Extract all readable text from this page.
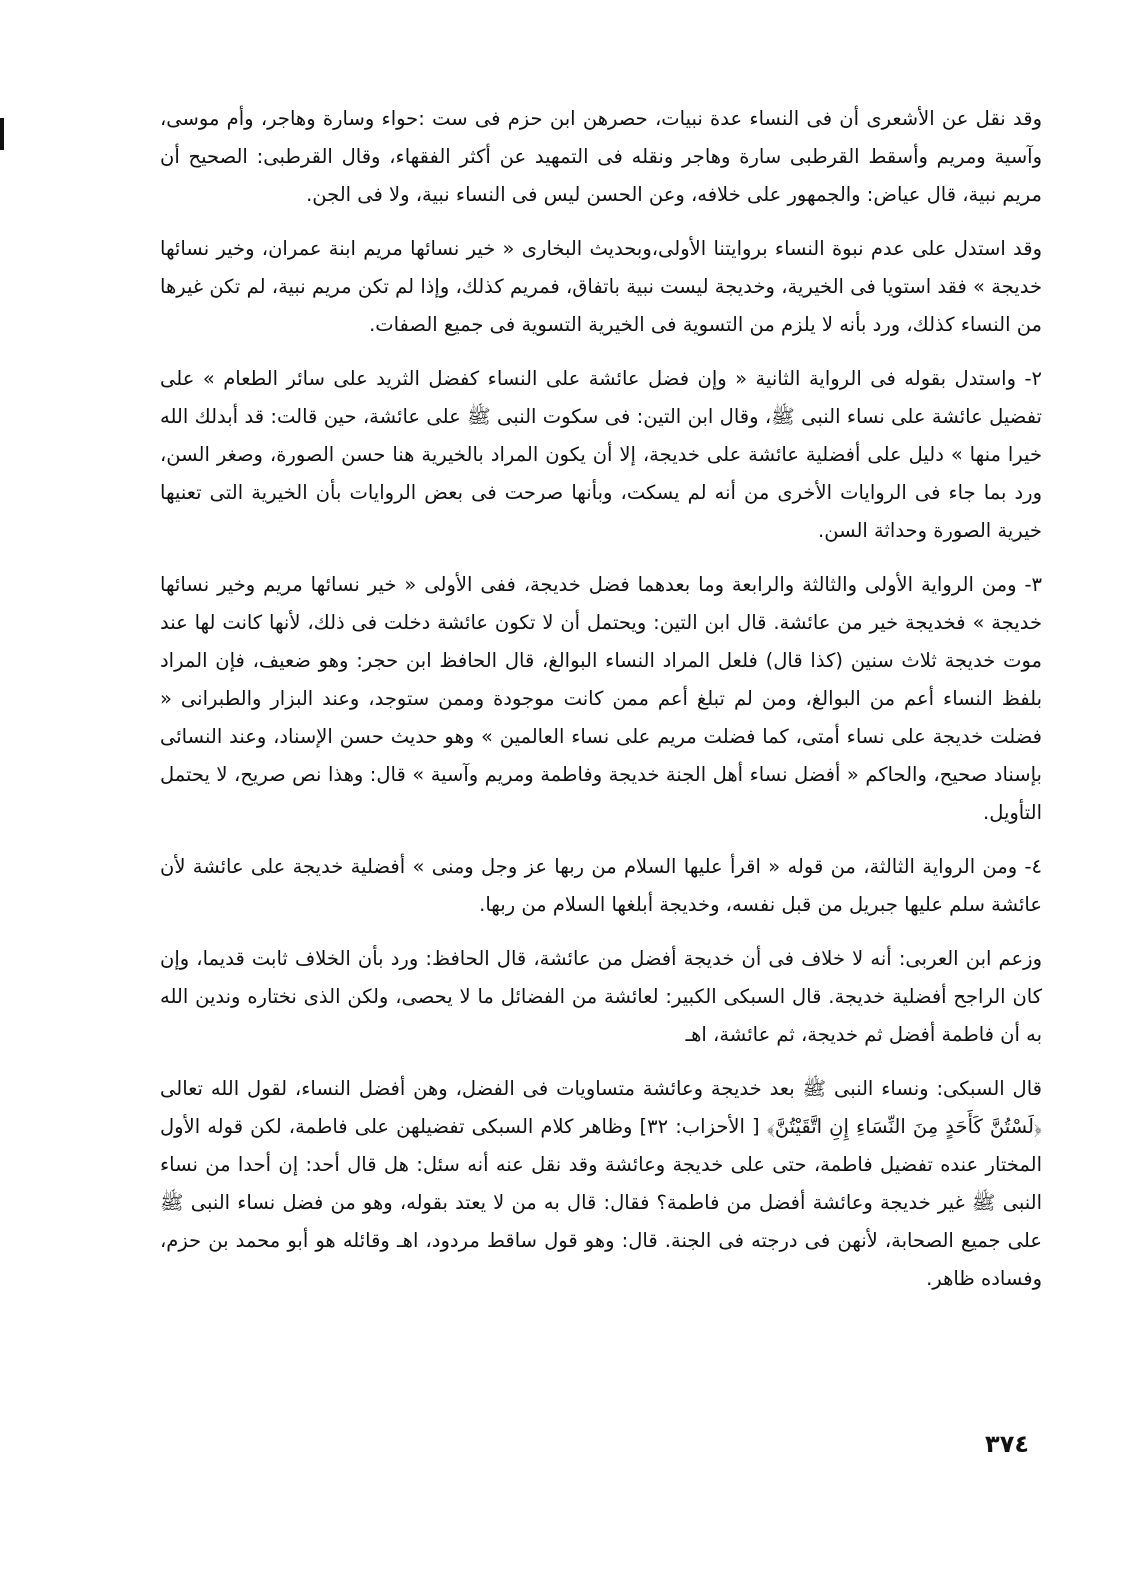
وقد نقل عن الأشعرى أن فى النساء عدة نبيات، حصرهن ابن حزم فى ست :حواء وسارة وهاجر، وأم موسى، وآسية ومريم وأسقط القرطبى سارة وهاجر ونقله فى التمهيد عن أكثر الفقهاء، وقال القرطبى: الصحيح أن مريم نبية، قال عياض: والجمهور على خلافه، وعن الحسن ليس فى النساء نبية، ولا فى الجن.

وقد استدل على عدم نبوة النساء بروايتنا الأولى،وبحديث البخارى « خير نسائها مريم ابنة عمران، وخير نسائها خديجة » فقد استويا فى الخيرية، وخديجة ليست نبية باتفاق، فمريم كذلك، وإذا لم تكن مريم نبية، لم تكن غيرها من النساء كذلك، ورد بأنه لا يلزم من التسوية فى الخيرية التسوية فى جميع الصفات.

٢- واستدل بقوله فى الرواية الثانية « وإن فضل عائشة على النساء كفضل الثريد على سائر الطعام » على تفضيل عائشة على نساء النبى ﷺ، وقال ابن التين: فى سكوت النبى ﷺ على عائشة، حين قالت: قد أبدلك الله خيرا منها » دليل على أفضلية عائشة على خديجة، إلا أن يكون المراد بالخيرية هنا حسن الصورة، وصغر السن، ورد بما جاء فى الروايات الأخرى من أنه لم يسكت، وبأنها صرحت فى بعض الروايات بأن الخيرية التى تعنيها خيرية الصورة وحداثة السن.

٣- ومن الرواية الأولى والثالثة والرابعة وما بعدهما فضل خديجة، ففى الأولى « خير نسائها مريم وخير نسائها خديجة » فخديجة خير من عائشة. قال ابن التين: ويحتمل أن لا تكون عائشة دخلت فى ذلك، لأنها كانت لها عند موت خديجة ثلاث سنين (كذا قال) فلعل المراد النساء البوالغ، قال الحافظ ابن حجر: وهو ضعيف، فإن المراد بلفظ النساء أعم من البوالغ، ومن لم تبلغ أعم ممن كانت موجودة وممن ستوجد، وعند البزار والطبرانى « فضلت خديجة على نساء أمتى، كما فضلت مريم على نساء العالمين » وهو حديث حسن الإسناد، وعند النسائى بإسناد صحيح، والحاكم « أفضل نساء أهل الجنة خديجة وفاطمة ومريم وآسية » قال: وهذا نص صريح، لا يحتمل التأويل.

٤- ومن الرواية الثالثة، من قوله « اقرأ عليها السلام من ربها عز وجل ومنى » أفضلية خديجة على عائشة لأن عائشة سلم عليها جبريل من قبل نفسه، وخديجة أبلغها السلام من ربها.

وزعم ابن العربى: أنه لا خلاف فى أن خديجة أفضل من عائشة، قال الحافظ: ورد بأن الخلاف ثابت قديما، وإن كان الراجح أفضلية خديجة. قال السبكى الكبير: لعائشة من الفضائل ما لا يحصى، ولكن الذى نختاره وندين الله به أن فاطمة أفضل ثم خديجة، ثم عائشة، اهـ

قال السبكى: ونساء النبى ﷺ بعد خديجة وعائشة متساويات فى الفضل، وهن أفضل النساء، لقول الله تعالى ﴿لَسْتُنَّ كَأَحَدٍ مِنَ النِّسَاءِ إِنِ اتَّقَيْتُنَّ﴾ [ الأحزاب: ٣٢] وظاهر كلام السبكى تفضيلهن على فاطمة، لكن قوله الأول المختار عنده تفضيل فاطمة، حتى على خديجة وعائشة وقد نقل عنه أنه سئل: هل قال أحد: إن أحدا من نساء النبى ﷺ غير خديجة وعائشة أفضل من فاطمة؟ فقال: قال به من لا يعتد بقوله، وهو من فضل نساء النبى ﷺ على جميع الصحابة، لأنهن فى درجته فى الجنة. قال: وهو قول ساقط مردود، اهـ وقائله هو أبو محمد بن حزم، وفساده ظاهر.

٣٧٤
